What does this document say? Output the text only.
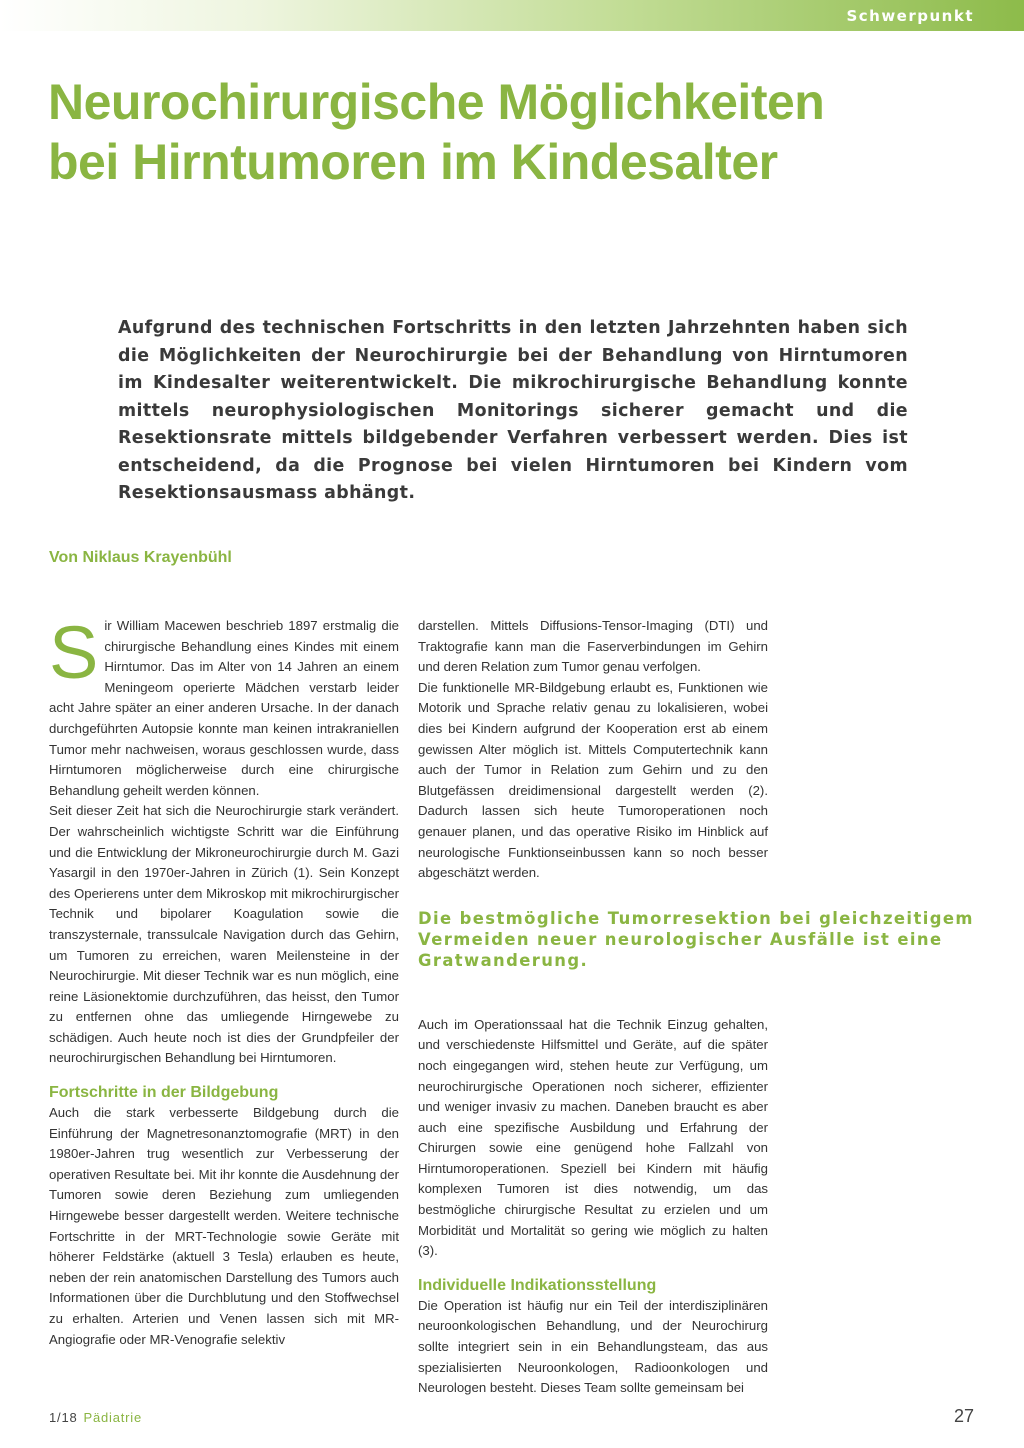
Schwerpunkt
Neurochirurgische Möglichkeiten
bei Hirntumoren im Kindesalter

Aufgrund des technischen Fortschritts in den letzten Jahrzehnten haben sich die Möglichkeiten der Neurochirurgie bei der Behandlung von Hirntumoren im Kindesalter weiterentwickelt. Die mikrochirurgische Behandlung konnte mittels neurophysiologischen Monitorings sicherer gemacht und die Resektionsrate mittels bildgebender Verfahren verbessert werden. Dies ist entscheidend, da die Prognose bei vielen Hirntumoren bei Kindern vom Resektionsausmass abhängt.

Von Niklaus Krayenbühl

Sir William Macewen beschrieb 1897 erstmalig die chirurgische Behandlung eines Kindes mit einem Hirntumor. Das im Alter von 14 Jahren an einem Meningeom operierte Mädchen verstarb leider acht Jahre später an einer anderen Ursache. In der danach durchgeführten Autopsie konnte man keinen intrakraniellen Tumor mehr nachweisen, woraus geschlossen wurde, dass Hirntumoren möglicherweise durch eine chirurgische Behandlung geheilt werden können.

Seit dieser Zeit hat sich die Neurochirurgie stark verändert. Der wahrscheinlich wichtigste Schritt war die Einführung und die Entwicklung der Mikroneurochirurgie durch M. Gazi Yasargil in den 1970er-Jahren in Zürich (1). Sein Konzept des Operierens unter dem Mikroskop mit mikrochirurgischer Technik und bipolarer Koagulation sowie die transzysternale, transsulcale Navigation durch das Gehirn, um Tumoren zu erreichen, waren Meilensteine in der Neurochirurgie. Mit dieser Technik war es nun möglich, eine reine Läsionektomie durchzuführen, das heisst, den Tumor zu entfernen ohne das umliegende Hirngewebe zu schädigen. Auch heute noch ist dies der Grundpfeiler der neurochirurgischen Behandlung bei Hirntumoren.

Fortschritte in der Bildgebung

Auch die stark verbesserte Bildgebung durch die Einführung der Magnetresonanztomografie (MRT) in den 1980er-Jahren trug wesentlich zur Verbesserung der operativen Resultate bei. Mit ihr konnte die Ausdehnung der Tumoren sowie deren Beziehung zum umliegenden Hirngewebe besser dargestellt werden. Weitere technische Fortschritte in der MRT-Technologie sowie Geräte mit höherer Feldstärke (aktuell 3 Tesla) erlauben es heute, neben der rein anatomischen Darstellung des Tumors auch Informationen über die Durchblutung und den Stoffwechsel zu erhalten. Arterien und Venen lassen sich mit MR-Angiografie oder MR-Venografie selektiv

darstellen. Mittels Diffusions-Tensor-Imaging (DTI) und Traktografie kann man die Faserverbindungen im Gehirn und deren Relation zum Tumor genau verfolgen.

Die funktionelle MR-Bildgebung erlaubt es, Funktionen wie Motorik und Sprache relativ genau zu lokalisieren, wobei dies bei Kindern aufgrund der Kooperation erst ab einem gewissen Alter möglich ist. Mittels Computertechnik kann auch der Tumor in Relation zum Gehirn und zu den Blutgefässen dreidimensional dargestellt werden (2). Dadurch lassen sich heute Tumoroperationen noch genauer planen, und das operative Risiko im Hinblick auf neurologische Funktionseinbussen kann so noch besser abgeschätzt werden.

Die bestmögliche Tumorresektion bei gleichzeitigem Vermeiden neuer neurologischer Ausfälle ist eine Gratwanderung.

Auch im Operationssaal hat die Technik Einzug gehalten, und verschiedenste Hilfsmittel und Geräte, auf die später noch eingegangen wird, stehen heute zur Verfügung, um neurochirurgische Operationen noch sicherer, effizienter und weniger invasiv zu machen. Daneben braucht es aber auch eine spezifische Ausbildung und Erfahrung der Chirurgen sowie eine genügend hohe Fallzahl von Hirntumoroperationen. Speziell bei Kindern mit häufig komplexen Tumoren ist dies notwendig, um das bestmögliche chirurgische Resultat zu erzielen und um Morbidität und Mortalität so gering wie möglich zu halten (3).

Individuelle Indikationsstellung

Die Operation ist häufig nur ein Teil der interdisziplinären neuroonkologischen Behandlung, und der Neurochirurg sollte integriert sein in ein Behandlungsteam, das aus spezialisierten Neuroonkologen, Radioonkologen und Neurologen besteht. Dieses Team sollte gemeinsam bei

1/18 Pädiatrie	27
